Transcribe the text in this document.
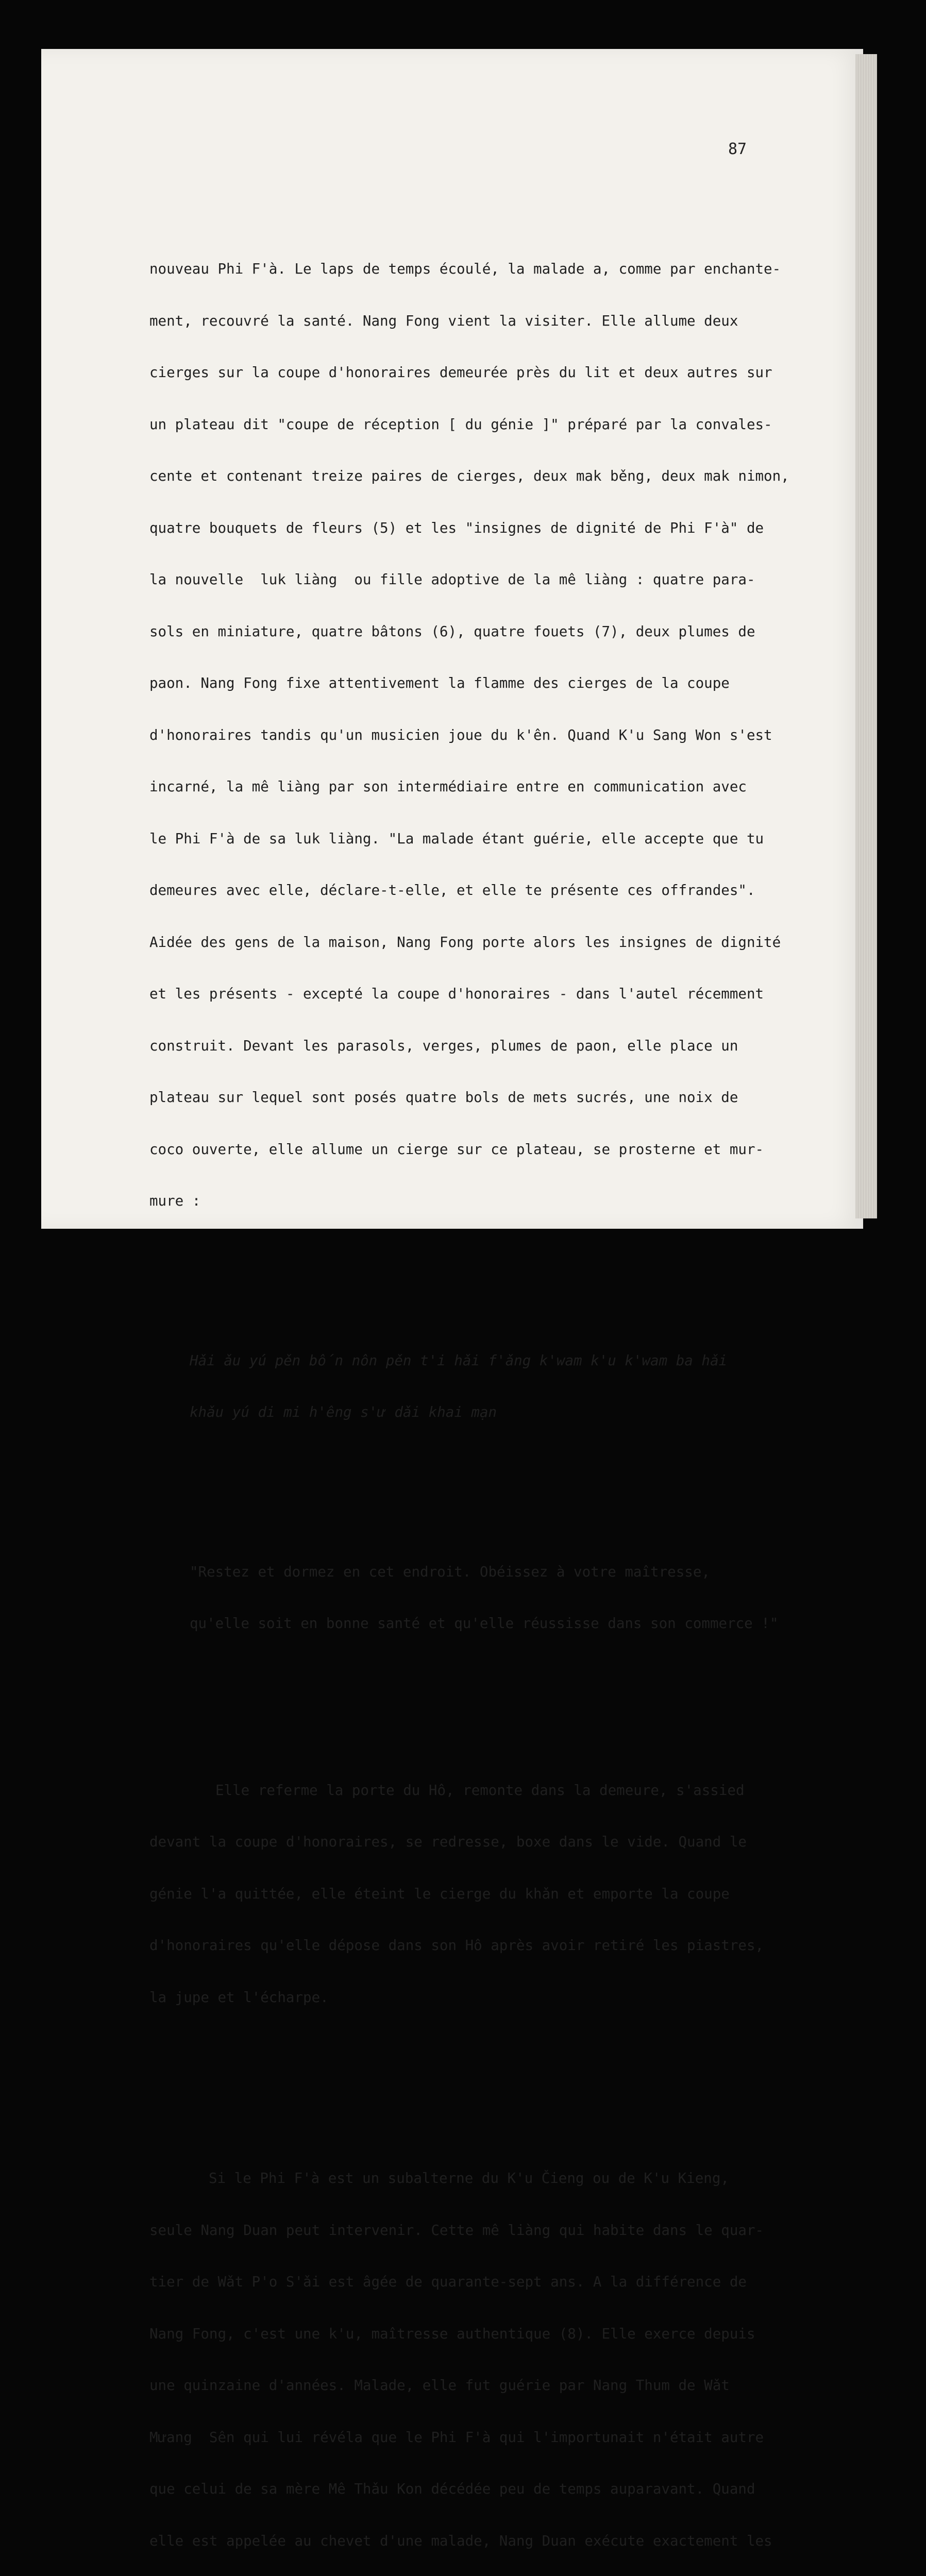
87

nouveau Phi F'à. Le laps de temps écoulé, la malade a, comme par enchante-

ment, recouvré la santé. Nang Fong vient la visiter. Elle allume deux

cierges sur la coupe d'honoraires demeurée près du lit et deux autres sur

un plateau dit "coupe de réception [ du génie ]" préparé par la convales-

cente et contenant treize paires de cierges, deux mak běng, deux mak nimon,

quatre bouquets de fleurs (5) et les "insignes de dignité de Phi F'à" de

la nouvelle  luk liàng  ou fille adoptive de la mê liàng : quatre para-

sols en miniature, quatre bâtons (6), quatre fouets (7), deux plumes de

paon. Nang Fong fixe attentivement la flamme des cierges de la coupe

d'honoraires tandis qu'un musicien joue du k'ên. Quand K'u Sang Won s'est

incarné, la mê liàng par son intermédiaire entre en communication avec

le Phi F'à de sa luk liàng. "La malade étant guérie, elle accepte que tu

demeures avec elle, déclare-t-elle, et elle te présente ces offrandes".

Aidée des gens de la maison, Nang Fong porte alors les insignes de dignité

et les présents - excepté la coupe d'honoraires - dans l'autel récemment

construit. Devant les parasols, verges, plumes de paon, elle place un

plateau sur lequel sont posés quatre bols de mets sucrés, une noix de

coco ouverte, elle allume un cierge sur ce plateau, se prosterne et mur-

mure :

Hǎi ǎu yú pěn bốn nôn pěn t'i hǎi f'ǎng k'wam k'u k'wam ba hǎi

khǎu yú di mi h'êng s'ư dǎi khai mạn

"Restez et dormez en cet endroit. Obéissez à votre maîtresse,

qu'elle soit en bonne santé et qu'elle réussisse dans son commerce !"

Elle referme la porte du Hô, remonte dans la demeure, s'assied

devant la coupe d'honoraires, se redresse, boxe dans le vide. Quand le

génie l'a quittée, elle éteint le cierge du khǎn et emporte la coupe

d'honoraires qu'elle dépose dans son Hô après avoir retiré les piastres,

la jupe et l'écharpe.

Si le Phi F'à est un subalterne du K'u Čieng ou de K'u Kieng,

seule Nang Duan peut intervenir. Cette mê liàng qui habite dans le quar-

tier de Wǎt P'o S'ǎi est âgée de quarante-sept ans. A la différence de

Nang Fong, c'est une k'u, maîtresse authentique (8). Elle exerce depuis

une quinzaine d'années. Malade, elle fut guérie par Nang Thum de Wǎt

Mưang  Sên qui lui révéla que le Phi F'à qui l'importunait n'était autre

que celui de sa mère Mê Thǎu Kon décédée peu de temps auparavant. Quand

elle est appelée au chevet d'une malade, Nang Duan exécute exactement les
